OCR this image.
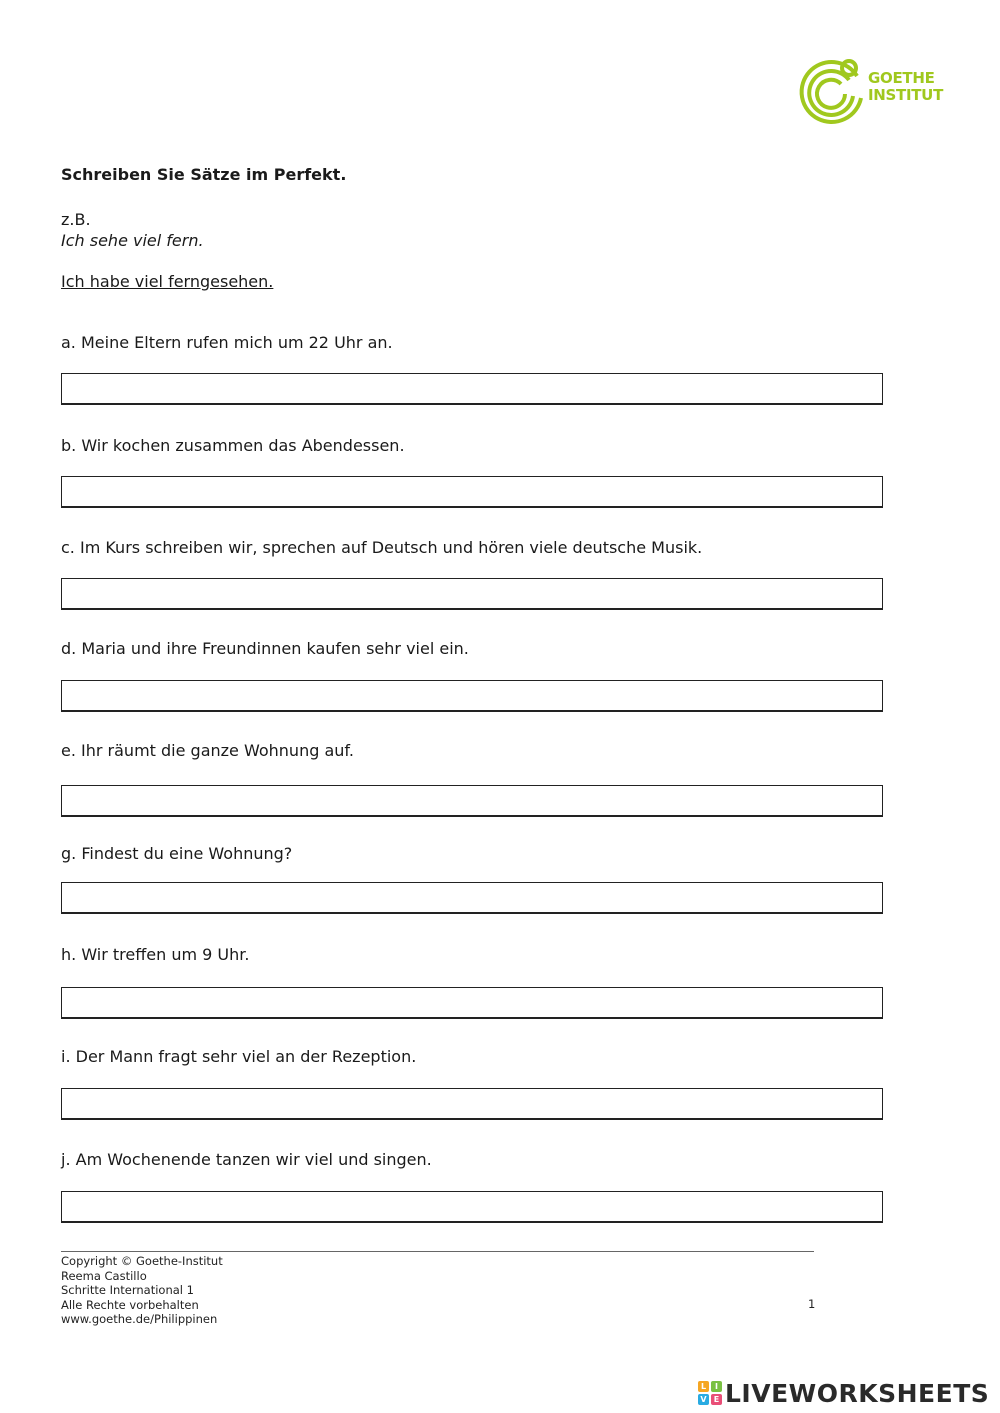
GOETHE
INSTITUT
Schreiben Sie Sätze im Perfekt.
z.B.
Ich sehe viel fern.
Ich habe viel ferngesehen.
a. Meine Eltern rufen mich um 22 Uhr an.
b. Wir kochen zusammen das Abendessen.
c. Im Kurs schreiben wir, sprechen auf Deutsch und hören viele deutsche Musik.
d. Maria und ihre Freundinnen kaufen sehr viel ein.
e. Ihr räumt die ganze Wohnung auf.
g. Findest du eine Wohnung?
h. Wir treffen um 9 Uhr.
i. Der Mann fragt sehr viel an der Rezeption.
j. Am Wochenende tanzen wir viel und singen.
Copyright © Goethe-Institut
Reema Castillo
Schritte International 1
Alle Rechte vorbehalten
www.goethe.de/Philippinen
1
L	I
V E LIVEWORKSHEETS
